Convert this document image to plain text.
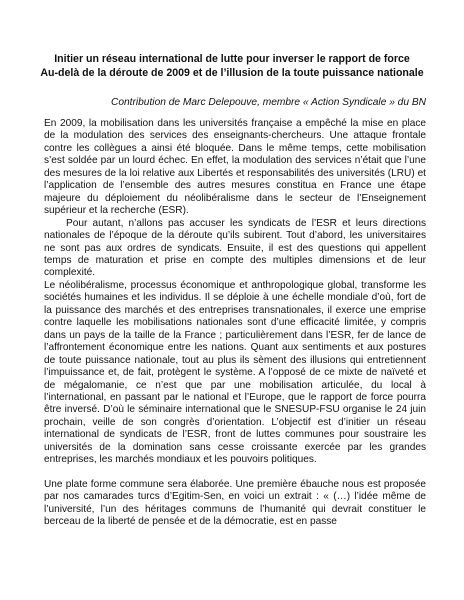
Initier un réseau international de lutte pour inverser le rapport de force
Au-delà de la déroute de 2009 et de l’illusion de la toute puissance nationale
Contribution de Marc Delepouve, membre « Action Syndicale » du BN

En 2009, la mobilisation dans les universités française a empêché la mise en place de la modulation des services des enseignants-chercheurs. Une attaque frontale contre les collègues a ainsi été bloquée. Dans le même temps, cette mobilisation s’est soldée par un lourd échec. En effet, la modulation des services n’était que l’une des mesures de la loi relative aux Libertés et responsabilités des universités (LRU) et l’application de l’ensemble des autres mesures constitua en France une étape majeure du déploiement du néolibéralisme dans le secteur de l’Enseignement supérieur et la recherche (ESR).

Pour autant, n’allons pas accuser les syndicats de l’ESR et leurs directions nationales de l’époque de la déroute qu’ils subirent. Tout d’abord, les universitaires ne sont pas aux ordres de syndicats. Ensuite, il est des questions qui appellent temps de maturation et prise en compte des multiples dimensions et de leur complexité.

Le néolibéralisme, processus économique et anthropologique global, transforme les sociétés humaines et les individus. Il se déploie à une échelle mondiale d’où, fort de la puissance des marchés et des entreprises transnationales, il exerce une emprise contre laquelle les mobilisations nationales sont d’une efficacité limitée, y compris dans un pays de la taille de la France ; particulièrement dans l’ESR, fer de lance de l’affrontement économique entre les nations. Quant aux sentiments et aux postures de toute puissance nationale, tout au plus ils sèment des illusions qui entretiennent l’impuissance et, de fait, protègent le système. A l’opposé de ce mixte de naïveté et de mégalomanie, ce n’est que par une mobilisation articulée, du local à l’international, en passant par le national et l’Europe, que le rapport de force pourra être inversé. D’où le séminaire international que le SNESUP-FSU organise le 24 juin prochain, veille de son congrès d’orientation. L’objectif est d’initier un réseau international de syndicats de l’ESR, front de luttes communes pour soustraire les universités de la domination sans cesse croissante exercée par les grandes entreprises, les marchés mondiaux et les pouvoirs politiques.

Une plate forme commune sera élaborée. Une première ébauche nous est proposée par nos camarades turcs d’Egitim-Sen, en voici un extrait : « (…) l’idée même de l’université, l’un des héritages communs de l’humanité qui devrait constituer le berceau de la liberté de pensée et de la démocratie, est en passe
